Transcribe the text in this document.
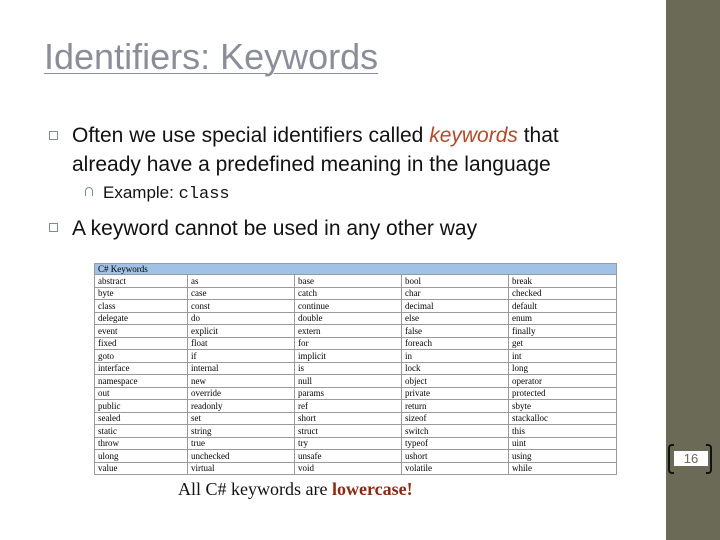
Identifiers: Keywords
Often we use special identifiers called keywords that
already have a predefined meaning in the language
Example: class
A keyword cannot be used in any other way
C# Keywords				
abstract	as	base	bool	break
byte	case	catch	char	checked
class	const	continue	decimal	default
delegate	do	double	else	enum
event	explicit	extern	false	finally
fixed	float	for	foreach	get
goto	if	implicit	in	int
interface	internal	is	lock	long
namespace	new	null	object	operator
out	override	params	private	protected
public	readonly	ref	return	sbyte
sealed	set	short	sizeof	stackalloc
static	string	struct	switch	this
throw	true	try	typeof	uint
ulong	unchecked	unsafe	ushort	using
value	virtual	void	volatile	while
All C# keywords are lowercase!
16
